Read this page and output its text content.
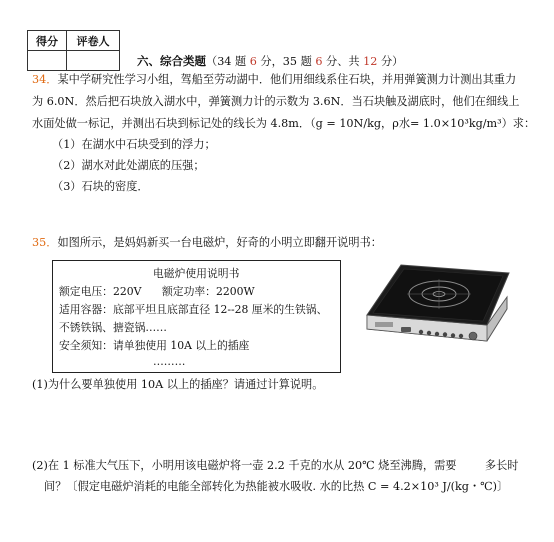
得分	评卷人

六、综合类题（34 题 6 分，35 题 6 分、共 12 分）
34．某中学研究性学习小组，驾船至劳动湖中．他们用细线系住石块，并用弹簧测力计测出其重力
为 6.0N．然后把石块放入湖水中，弹簧测力计的示数为 3.6N．当石块触及湖底时，他们在细线上
水面处做一标记，并测出石块到标记处的线长为 4.8m．（g = 10N/kg，ρ水= 1.0×10³kg/m³）求：
（1）在湖水中石块受到的浮力；
（2）湖水对此处湖底的压强；
（3）石块的密度．
35．如图所示，是妈妈新买一台电磁炉，好奇的小明立即翻开说明书：
电磁炉使用说明书
额定电压：220V      额定功率：2200W
适用容器：底部平坦且底部直径 12--28 厘米的生铁锅、
不锈铁锅、搪瓷锅……
安全须知：请单独使用 10A 以上的插座
………
(1)为什么要单独使用 10A 以上的插座？请通过计算说明。
(2)在 1 标准大气压下，小明用该电磁炉将一壶 2.2 千克的水从 20℃ 烧至沸腾，需要        多长时
间？〔假定电磁炉消耗的电能全部转化为热能被水吸收. 水的比热 C = 4.2×10³ J/(kg・℃)〕
